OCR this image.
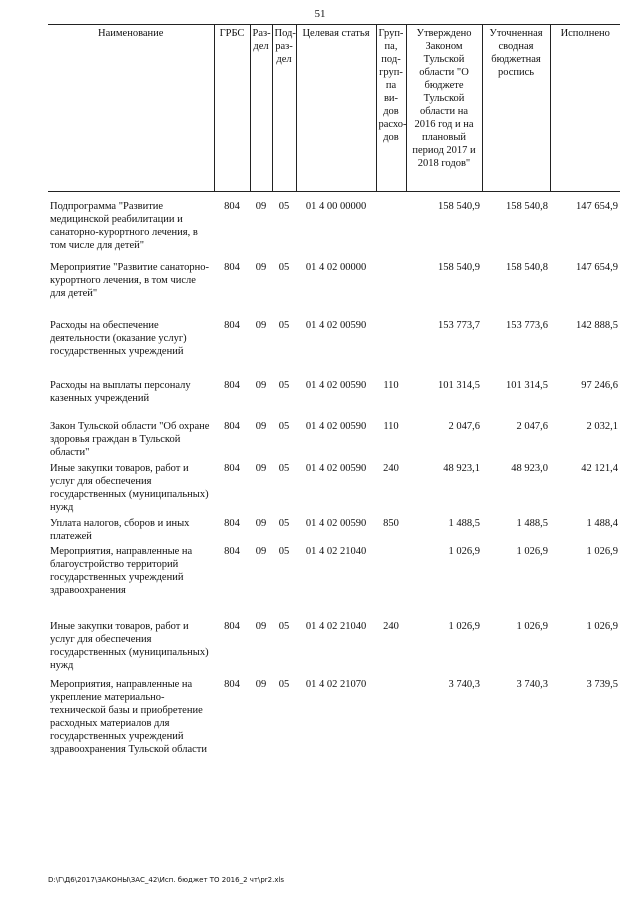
51
Наименование	ГРБС	Раз-дел	Под-раз-дел	Целевая статья	Груп-па, под-груп-па ви-дов расхо-дов	Утверждено Законом Тульской области "О бюджете Тульской области на 2016 год и на плановый период 2017 и 2018 годов"	Уточненная сводная бюджетная роспись	Исполнено
Подпрограмма "Развитие медицинской реабилитации и санаторно-курортного лечения, в том числе для детей"	804	09	05	01 4 00 00000		158 540,9	158 540,8	147 654,9
Мероприятие "Развитие санаторно-курортного лечения, в том числе для детей"	804	09	05	01 4 02 00000		158 540,9	158 540,8	147 654,9
Расходы на обеспечение деятельности (оказание услуг) государственных учреждений	804	09	05	01 4 02 00590		153 773,7	153 773,6	142 888,5
Расходы на выплаты персоналу казенных учреждений	804	09	05	01 4 02 00590	110	101 314,5	101 314,5	97 246,6
Закон Тульской области "Об охране здоровья граждан в Тульской области"	804	09	05	01 4 02 00590	110	2 047,6	2 047,6	2 032,1
Иные закупки товаров, работ и услуг для обеспечения государственных (муниципальных) нужд	804	09	05	01 4 02 00590	240	48 923,1	48 923,0	42 121,4
Уплата налогов, сборов и иных платежей	804	09	05	01 4 02 00590	850	1 488,5	1 488,5	1 488,4
Мероприятия, направленные на благоустройство территорий государственных учреждений здравоохранения	804	09	05	01 4 02 21040		1 026,9	1 026,9	1 026,9
Иные закупки товаров, работ и услуг для обеспечения государственных (муниципальных) нужд	804	09	05	01 4 02 21040	240	1 026,9	1 026,9	1 026,9
Мероприятия, направленные на укрепление материально-технической базы и приобретение расходных материалов для государственных учреждений здравоохранения Тульской области	804	09	05	01 4 02 21070		3 740,3	3 740,3	3 739,5
D:\Г\Д6\2017\ЗАКОНЫ\ЗАС_42\Исп. бюджет ТО 2016_2 чт\pr2.xls
